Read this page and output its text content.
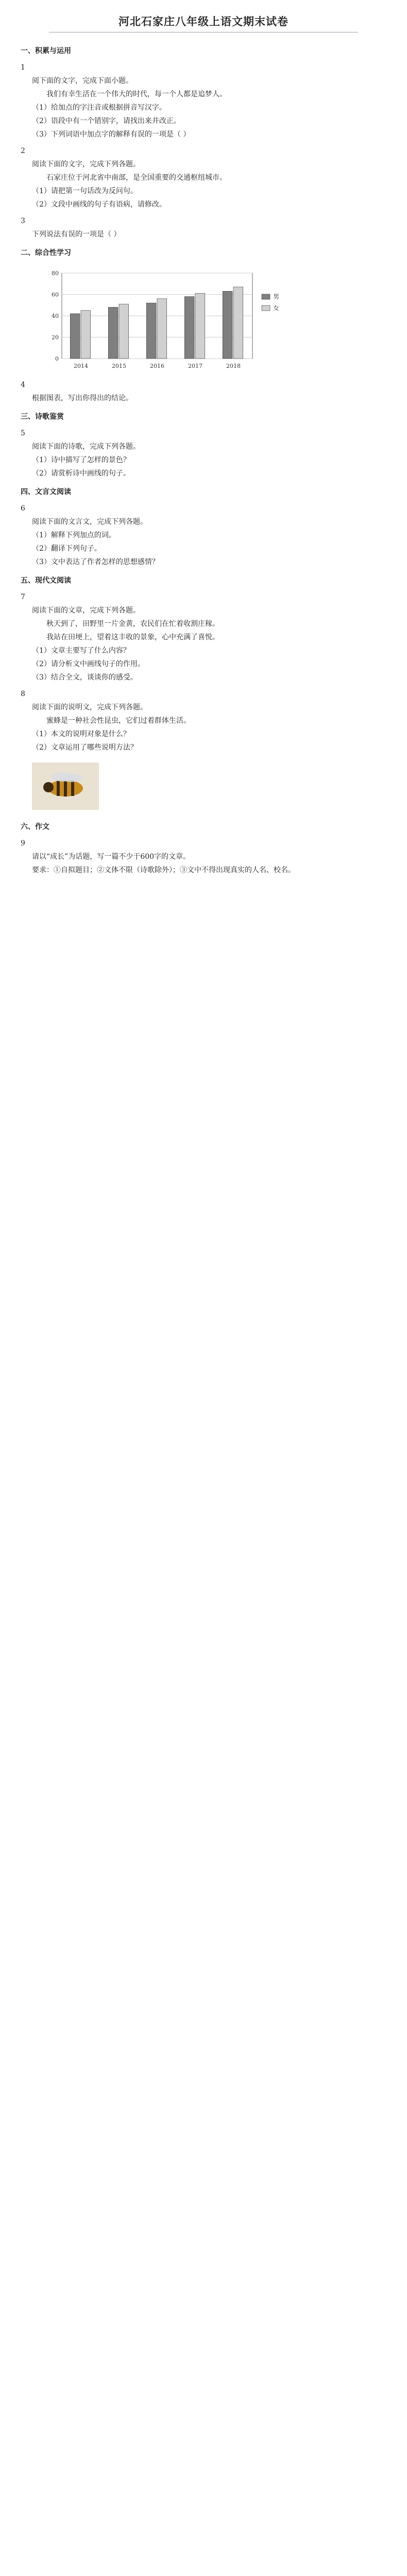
河北石家庄八年级上语文期末试卷
一、积累与运用
1
阅下面的文字，完成下面小题。
我们有幸生活在一个伟大的时代，每一个人都是追梦人。
（1）给加点的字注音或根据拼音写汉字。
（2）语段中有一个错别字，请找出来并改正。
（3）下列词语中加点字的解释有误的一项是（ ）
2
阅读下面的文字，完成下列各题。
石家庄位于河北省中南部，是全国重要的交通枢纽城市。
（1）请把第一句话改为反问句。
（2）文段中画线的句子有语病，请修改。
3
下列说法有误的一项是（ ）
二、综合性学习
0
20
40
60
80
2014	2015	2016	2017	2018
男
女
4
根据图表，写出你得出的结论。
三、诗歌鉴赏
5
阅读下面的诗歌，完成下列各题。
（1）诗中描写了怎样的景色？
（2）请赏析诗中画线的句子。
四、文言文阅读
6
阅读下面的文言文，完成下列各题。
（1）解释下列加点的词。
（2）翻译下列句子。
（3）文中表达了作者怎样的思想感情？
五、现代文阅读
7
阅读下面的文章，完成下列各题。
秋天到了，田野里一片金黄，农民们在忙着收割庄稼。
我站在田埂上，望着这丰收的景象，心中充满了喜悦。
（1）文章主要写了什么内容？
（2）请分析文中画线句子的作用。
（3）结合全文，谈谈你的感受。
8
阅读下面的说明文，完成下列各题。
蜜蜂是一种社会性昆虫，它们过着群体生活。
（1）本文的说明对象是什么？
（2）文章运用了哪些说明方法？
六、作文
9
请以“成长”为话题，写一篇不少于600字的文章。
要求：①自拟题目；②文体不限（诗歌除外）；③文中不得出现真实的人名、校名。
